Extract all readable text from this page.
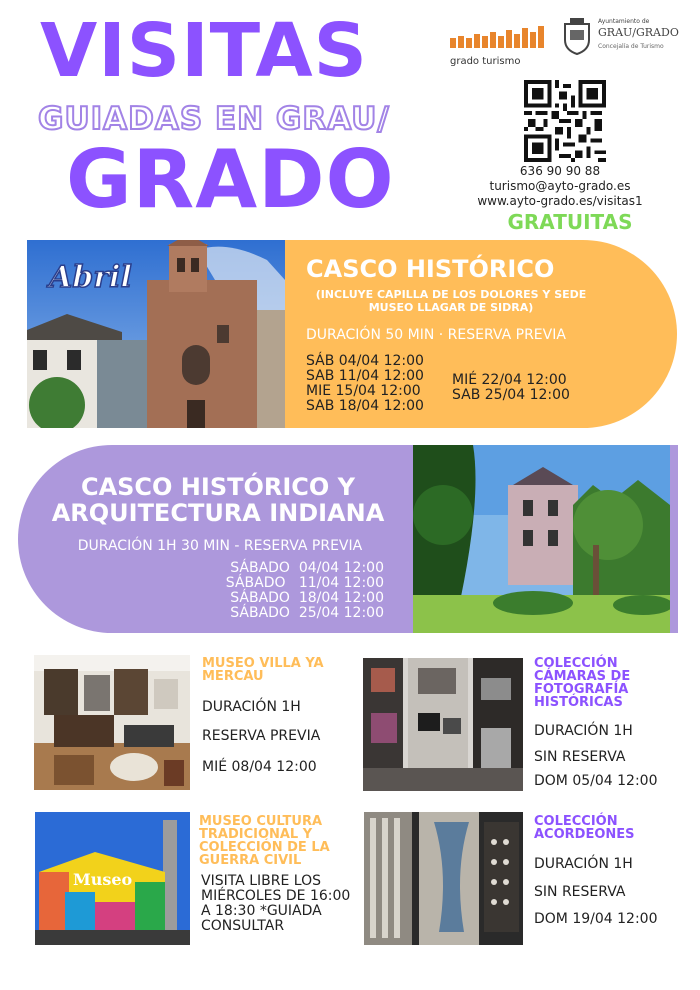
VISITAS
GUIADAS EN GRAU/
GRADO
grado turismo
Ayuntamiento de
GRAU/GRADO
Concejalía de Turismo
636 90 90 88
turismo@ayto-grado.es
www.ayto-grado.es/visitas1
GRATUITAS
Abril	CASCO HISTÓRICO
(INCLUYE CAPILLA DE LOS DOLORES Y SEDE MUSEO LLAGAR DE SIDRA)
DURACIÓN 50 MIN · RESERVA PREVIA
SÁB 04/04 12:00
SAB 11/04 12:00
MIE 15/04 12:00
SAB 18/04 12:00
MIÉ 22/04 12:00
SAB 25/04 12:00
CASCO HISTÓRICO Y
ARQUITECTURA INDIANA
DURACIÓN 1H 30 MIN - RESERVA PREVIA
SÁBADO  04/04 12:00
SÁBADO   11/04 12:00
SÁBADO  18/04 12:00
SÁBADO  25/04 12:00
MUSEO VILLA YA MERCAU
DURACIÓN 1H
RESERVA PREVIA
MIÉ 08/04 12:00
COLECCIÓN CÁMARAS DE FOTOGRAFÍA HISTÓRICAS
DURACIÓN 1H
SIN RESERVA
DOM 05/04 12:00
Museo
MUSEO CULTURA TRADICIONAL Y COLECCIÓN DE LA GUERRA CIVIL
VISITA LIBRE LOS MIÉRCOLES DE 16:00 A 18:30 *GUIADA CONSULTAR
COLECCIÓN ACORDEONES
DURACIÓN 1H
SIN RESERVA
DOM 19/04 12:00
